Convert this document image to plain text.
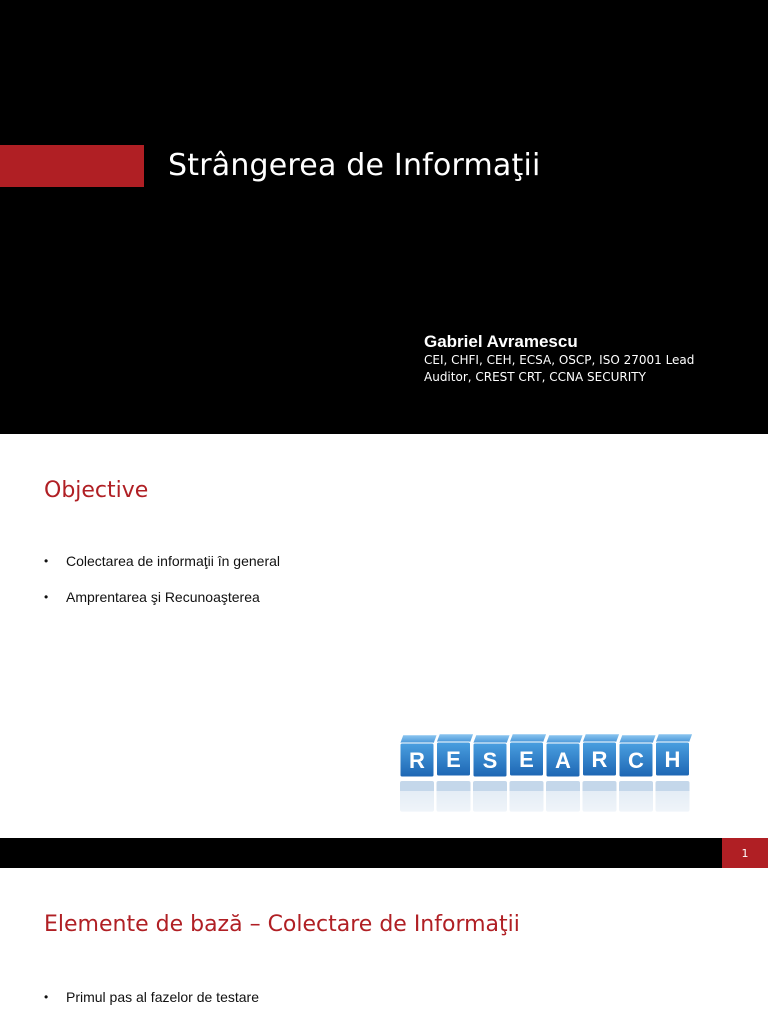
Strângerea de Informaţii
Gabriel Avramescu
CEI, CHFI, CEH, ECSA, OSCP, ISO 27001 Lead Auditor, CREST CRT, CCNA SECURITY
Objective
•	Colectarea de informaţii în general
•	Amprentarea şi Recunoaşterea
R E S E A R C H
1
Elemente de bază – Colectare de Informaţii
•	Primul pas al fazelor de testare
